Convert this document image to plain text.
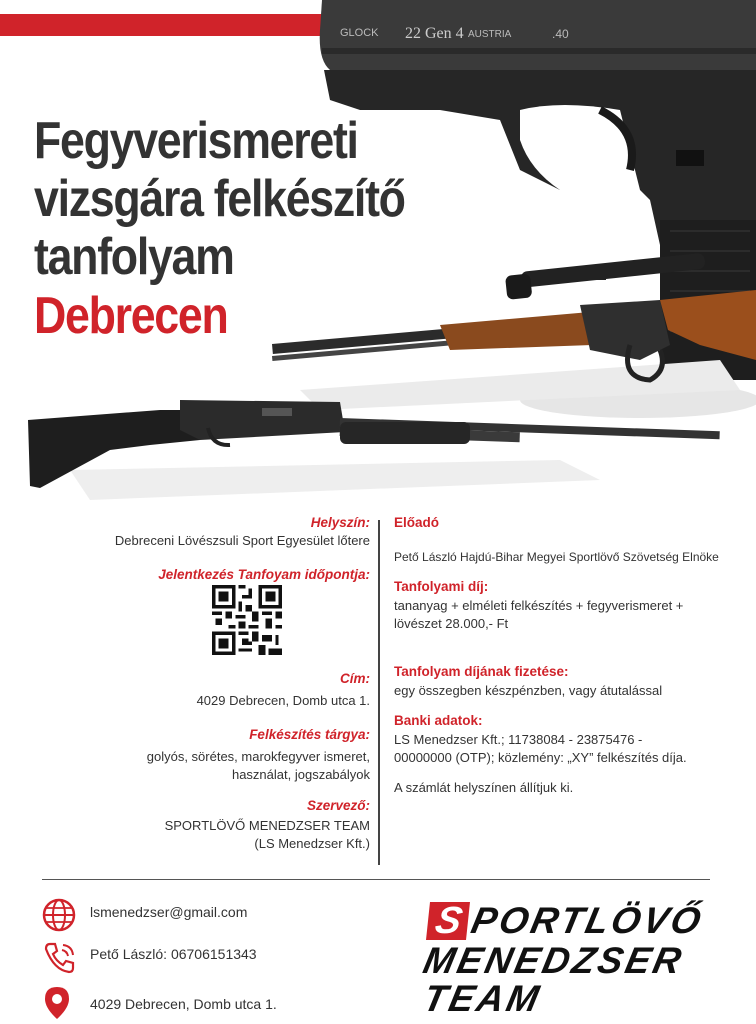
GLOCK 22 Gen 4 AUSTRIA	.40
Fegyverismereti
vizsgára felkészítő
tanfolyam
Debrecen
Helyszín:
Debreceni Lövészsuli Sport Egyesület lőtere
Jelentkezés Tanfoyam időpontja:
Cím:
4029 Debrecen, Domb utca 1.
Felkészítés tárgya:
golyós, sörétes, marokfegyver ismeret,
használat, jogszabályok
Szervező:
SPORTLÖVŐ MENEDZSER TEAM
(LS Menedzser Kft.)
Előadó
Pető László Hajdú-Bihar Megyei Sportlövő Szövetség Elnöke
Tanfolyami díj:
tananyag + elméleti felkészítés + fegyverismeret +
lövészet 28.000,- Ft
Tanfolyam díjának fizetése:
egy összegben készpénzben, vagy átutalással
Banki adatok:
LS Menedzser Kft.; 11738084 - 23875476 -
00000000 (OTP); közlemény: „XY” felkészítés díja.
A számlát helyszínen állítjuk ki.
lsmenedzser@gmail.com
Pető László: 06706151343
4029 Debrecen, Domb utca 1.
S
PORTLÖVŐ
MENEDZSER
TEAM
